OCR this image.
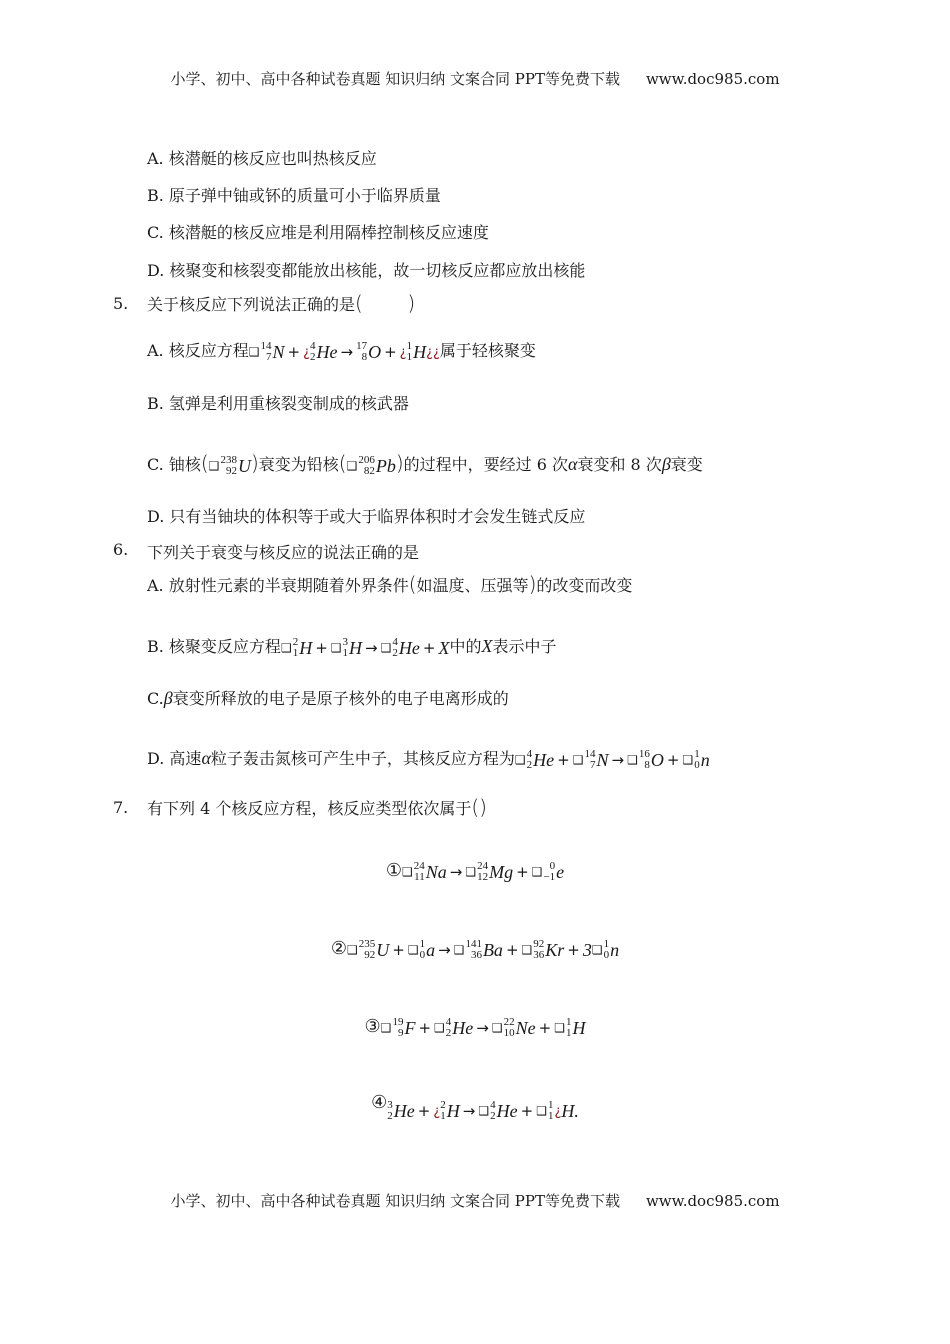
小学、初中、高中各种试卷真题 知识归纳 文案合同 PPT等免费下载 www.doc985.com
A. 核潜艇的核反应也叫热核反应
B. 原子弹中铀或钚的质量可小于临界质量
C. 核潜艇的核反应堆是利用隔棒控制核反应速度
D. 核聚变和核裂变都能放出核能，故一切核反应都应放出核能
5. 关于核反应下列说法正确的是(       )
A. 核反应方程 ❑ 14
7 N + ¿ 4
2 He → 17
8 O + ¿ 1
1 H ¿ ¿ 属于轻核聚变
B. 氢弹是利用重核裂变制成的核武器
C. 铀核( ❑ 238
92 U)衰变为铅核( ❑ 206
82 Pb)的过程中，要经过 6 次α衰变和 8 次β衰变
D. 只有当铀块的体积等于或大于临界体积时才会发生链式反应
6. 下列关于衰变与核反应的说法正确的是
A. 放射性元素的半衰期随着外界条件(如温度、压强等)的改变而改变
B. 核聚变反应方程 ❑ 2
1 H + ❑ 3
1 H → ❑ 4
2 He + X 中的X表示中子
C.β衰变所释放的电子是原子核外的电子电离形成的
D. 高速α粒子轰击氮核可产生中子，其核反应方程为 ❑ 4
2 He + ❑ 14
7 N → ❑ 16
8 O + ❑ 1
0 n
7. 有下列 4 个核反应方程，核反应类型依次属于()
① ❑ 24
11 Na → ❑ 24
12 Mg + ❑ 0
−1 e
② ❑ 235
92 U + ❑ 1
0 a → ❑ 141
36 Ba + ❑ 92
36 Kr + 3 ❑ 1
0 n
③ ❑ 19
9 F + ❑ 4
2 He → ❑ 22
10 Ne + ❑ 1
1 H
④ 3
2 He + ¿ 2
1 H → ❑ 4
2 He + ❑ 1
1 ¿ H .
小学、初中、高中各种试卷真题 知识归纳 文案合同 PPT等免费下载 www.doc985.com
